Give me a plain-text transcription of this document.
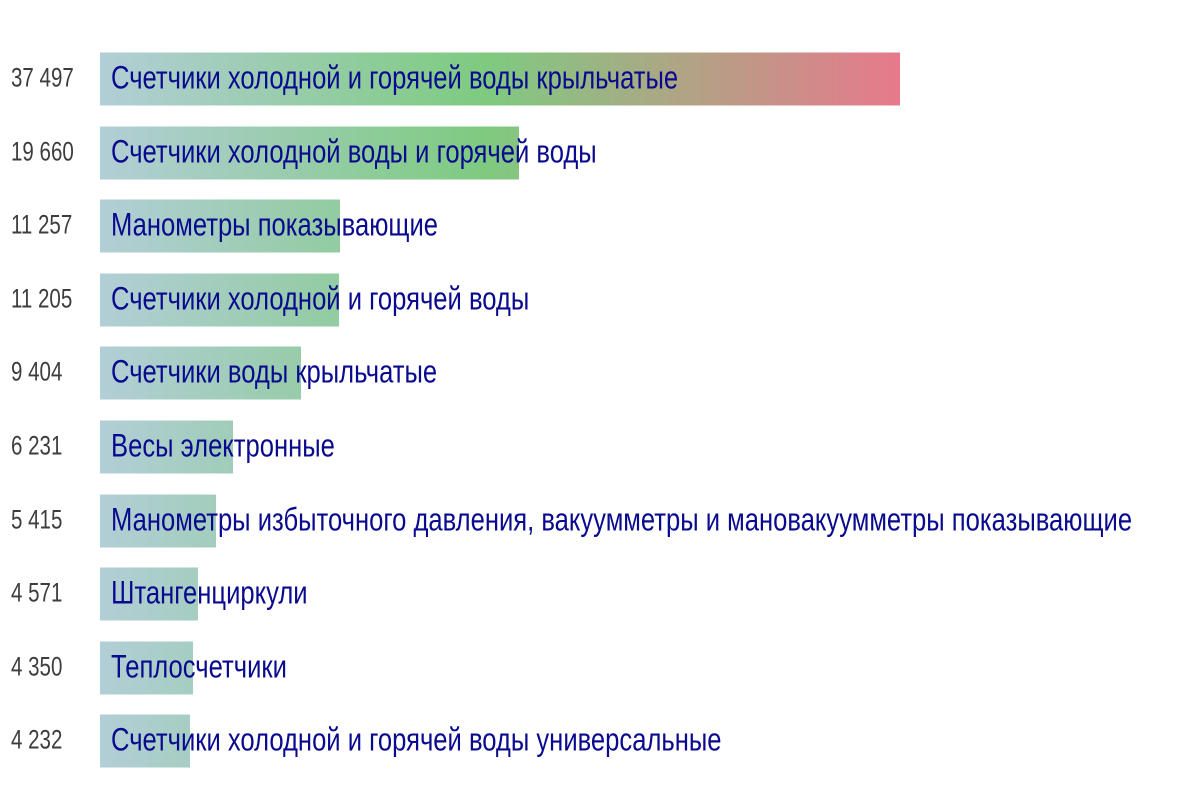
37 497 Счетчики холодной и горячей воды крыльчатые
19 660 Счетчики холодной воды и горячей воды
11 257 Манометры показывающие
11 205 Счетчики холодной и горячей воды
9 404 Счетчики воды крыльчатые
6 231 Весы электронные
5 415 Манометры избыточного давления, вакуумметры и мановакуумметры показывающие
4 571 Штангенциркули
4 350 Теплосчетчики
4 232 Счетчики холодной и горячей воды универсальные
